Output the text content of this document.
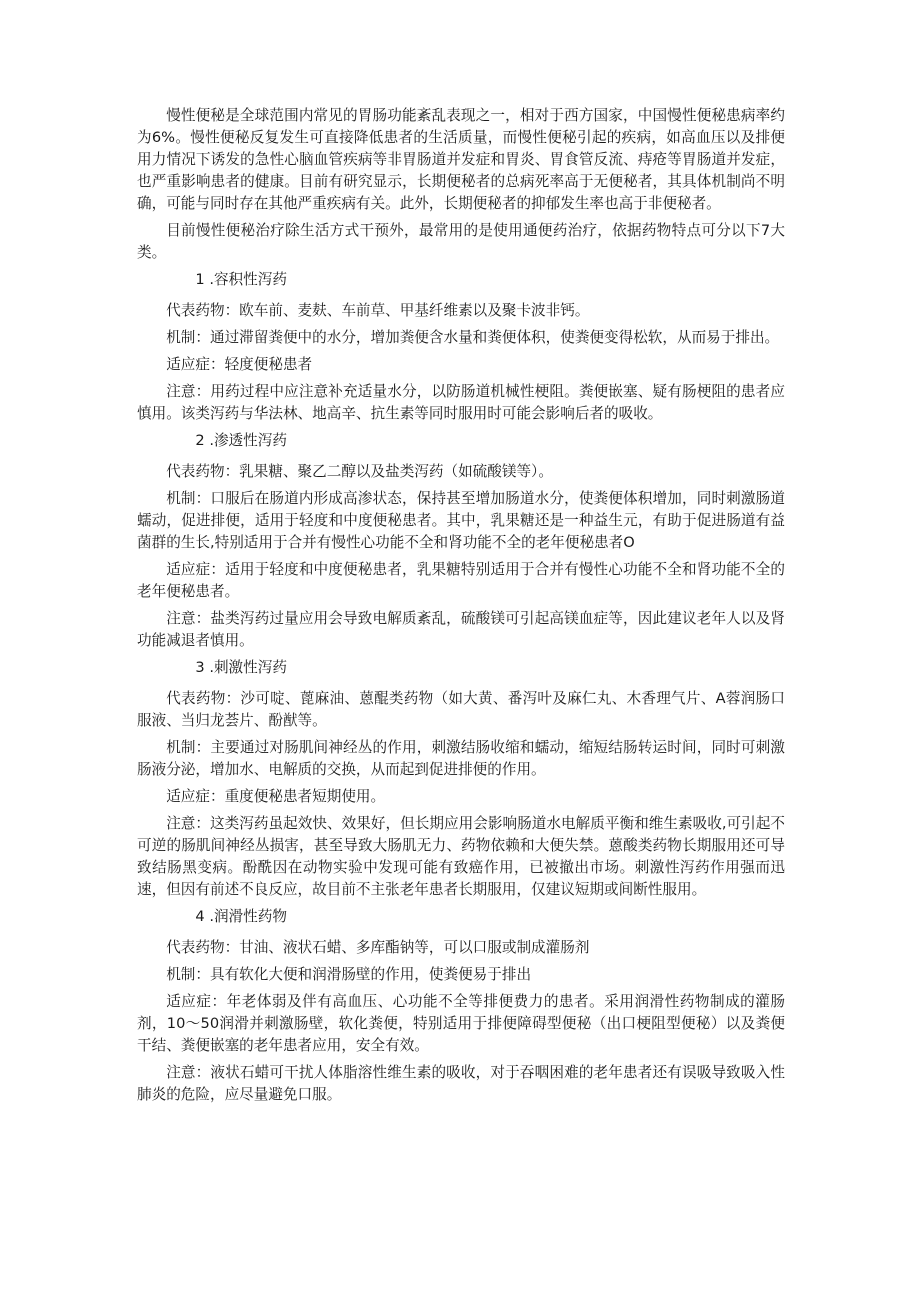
慢性便秘是全球范围内常见的胃肠功能紊乱表现之一，相对于西方国家，中国慢性便秘患病率约为6%。慢性便秘反复发生可直接降低患者的生活质量，而慢性便秘引起的疾病，如高血压以及排便用力情况下诱发的急性心脑血管疾病等非胃肠道并发症和胃炎、胃食管反流、痔疮等胃肠道并发症，也严重影响患者的健康。目前有研究显示，长期便秘者的总病死率高于无便秘者，其具体机制尚不明确，可能与同时存在其他严重疾病有关。此外，长期便秘者的抑郁发生率也高于非便秘者。

目前慢性便秘治疗除生活方式干预外，最常用的是使用通便药治疗，依据药物特点可分以下7大类。

1 .容积性泻药

代表药物：欧车前、麦麸、车前草、甲基纤维素以及聚卡波非钙。

机制：通过滞留粪便中的水分，增加粪便含水量和粪便体积，使粪便变得松软，从而易于排出。

适应症：轻度便秘患者

注意：用药过程中应注意补充适量水分，以防肠道机械性梗阻。粪便嵌塞、疑有肠梗阻的患者应慎用。该类泻药与华法林、地高辛、抗生素等同时服用时可能会影响后者的吸收。

2 .渗透性泻药

代表药物：乳果糖、聚乙二醇以及盐类泻药（如硫酸镁等）。

机制：口服后在肠道内形成高渗状态，保持甚至增加肠道水分，使粪便体积增加，同时刺激肠道蠕动，促进排便，适用于轻度和中度便秘患者。其中，乳果糖还是一种益生元，有助于促进肠道有益菌群的生长,特别适用于合并有慢性心功能不全和肾功能不全的老年便秘患者O

适应症：适用于轻度和中度便秘患者，乳果糖特别适用于合并有慢性心功能不全和肾功能不全的老年便秘患者。

注意：盐类泻药过量应用会导致电解质紊乱，硫酸镁可引起高镁血症等，因此建议老年人以及肾功能减退者慎用。

3 .刺激性泻药

代表药物：沙可啶、蓖麻油、蒽醌类药物（如大黄、番泻叶及麻仁丸、木香理气片、A蓉润肠口服液、当归龙荟片、酚猷等。

机制：主要通过对肠肌间神经丛的作用，刺激结肠收缩和蠕动，缩短结肠转运时间，同时可刺激肠液分泌，增加水、电解质的交换，从而起到促进排便的作用。

适应症：重度便秘患者短期使用。

注意：这类泻药虽起效快、效果好，但长期应用会影响肠道水电解质平衡和维生素吸收,可引起不可逆的肠肌间神经丛损害，甚至导致大肠肌无力、药物依赖和大便失禁。蒽酸类药物长期服用还可导致结肠黑变病。酚酰因在动物实验中发现可能有致癌作用，已被撤出市场。刺激性泻药作用强而迅速，但因有前述不良反应，故目前不主张老年患者长期服用，仅建议短期或间断性服用。

4 .润滑性药物

代表药物：甘油、液状石蜡、多库酯钠等，可以口服或制成灌肠剂

机制：具有软化大便和润滑肠壁的作用，使粪便易于排出

适应症：年老体弱及伴有高血压、心功能不全等排便费力的患者。采用润滑性药物制成的灌肠剂，10～50润滑并刺激肠壁，软化粪便，特别适用于排便障碍型便秘（出口梗阻型便秘）以及粪便干结、粪便嵌塞的老年患者应用，安全有效。

注意：液状石蜡可干扰人体脂溶性维生素的吸收，对于吞咽困难的老年患者还有误吸导致吸入性肺炎的危险，应尽量避免口服。
